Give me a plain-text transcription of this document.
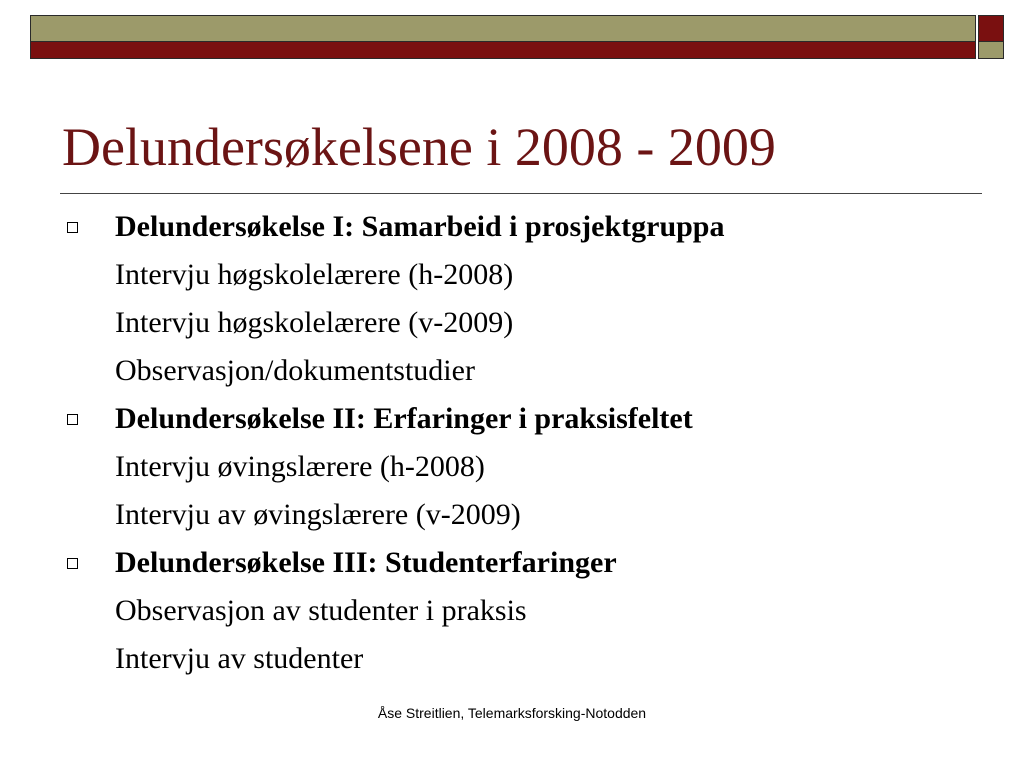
Delundersøkelsene i 2008 - 2009
Delundersøkelse I: Samarbeid i prosjektgruppa
Intervju høgskolelærere (h-2008)
Intervju høgskolelærere (v-2009)
Observasjon/dokumentstudier
Delundersøkelse II: Erfaringer i praksisfeltet
Intervju øvingslærere (h-2008)
Intervju av øvingslærere (v-2009)
Delundersøkelse III: Studenterfaringer
Observasjon av studenter i praksis
Intervju av studenter
Åse Streitlien, Telemarksforsking-Notodden
